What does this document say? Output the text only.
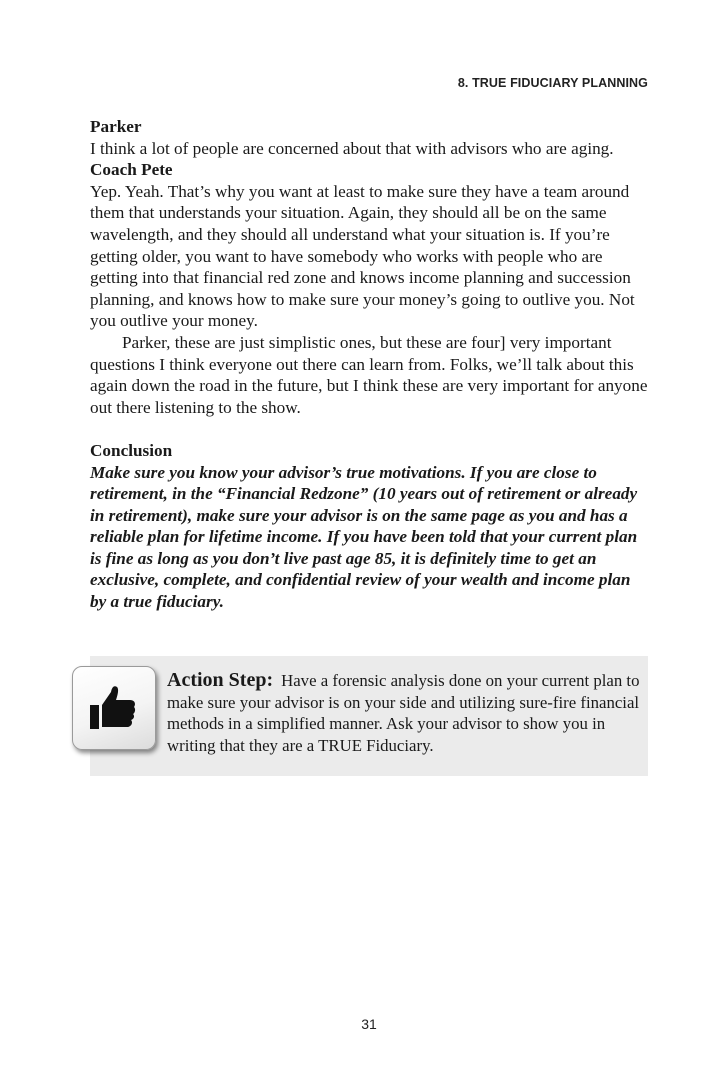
8. TRUE FIDUCIARY PLANNING

Parker

I think a lot of people are concerned about that with advisors who are aging.

Coach Pete

Yep. Yeah. That’s why you want at least to make sure they have a team around them that understands your situation. Again, they should all be on the same wavelength, and they should all understand what your situation is. If you’re getting older, you want to have somebody who works with people who are getting into that financial red zone and knows income planning and succession planning, and knows how to make sure your money’s going to outlive you. Not you outlive your money.

Parker, these are just simplistic ones, but these are four] very important questions I think everyone out there can learn from. Folks, we’ll talk about this again down the road in the future, but I think these are very important for anyone out there listening to the show.

Conclusion

Make sure you know your advisor’s true motivations. If you are close to retirement, in the “Financial Redzone” (10 years out of retirement or already in retirement), make sure your advisor is on the same page as you and has a reliable plan for lifetime income. If you have been told that your current plan is fine as long as you don’t live past age 85, it is definitely time to get an exclusive, complete, and confidential review of your wealth and income plan by a true fiduciary.

Action Step: Have a forensic analysis done on your current plan to make sure your advisor is on your side and utilizing sure-fire financial methods in a simplified manner. Ask your advisor to show you in writing that they are a TRUE Fiduciary.
31
